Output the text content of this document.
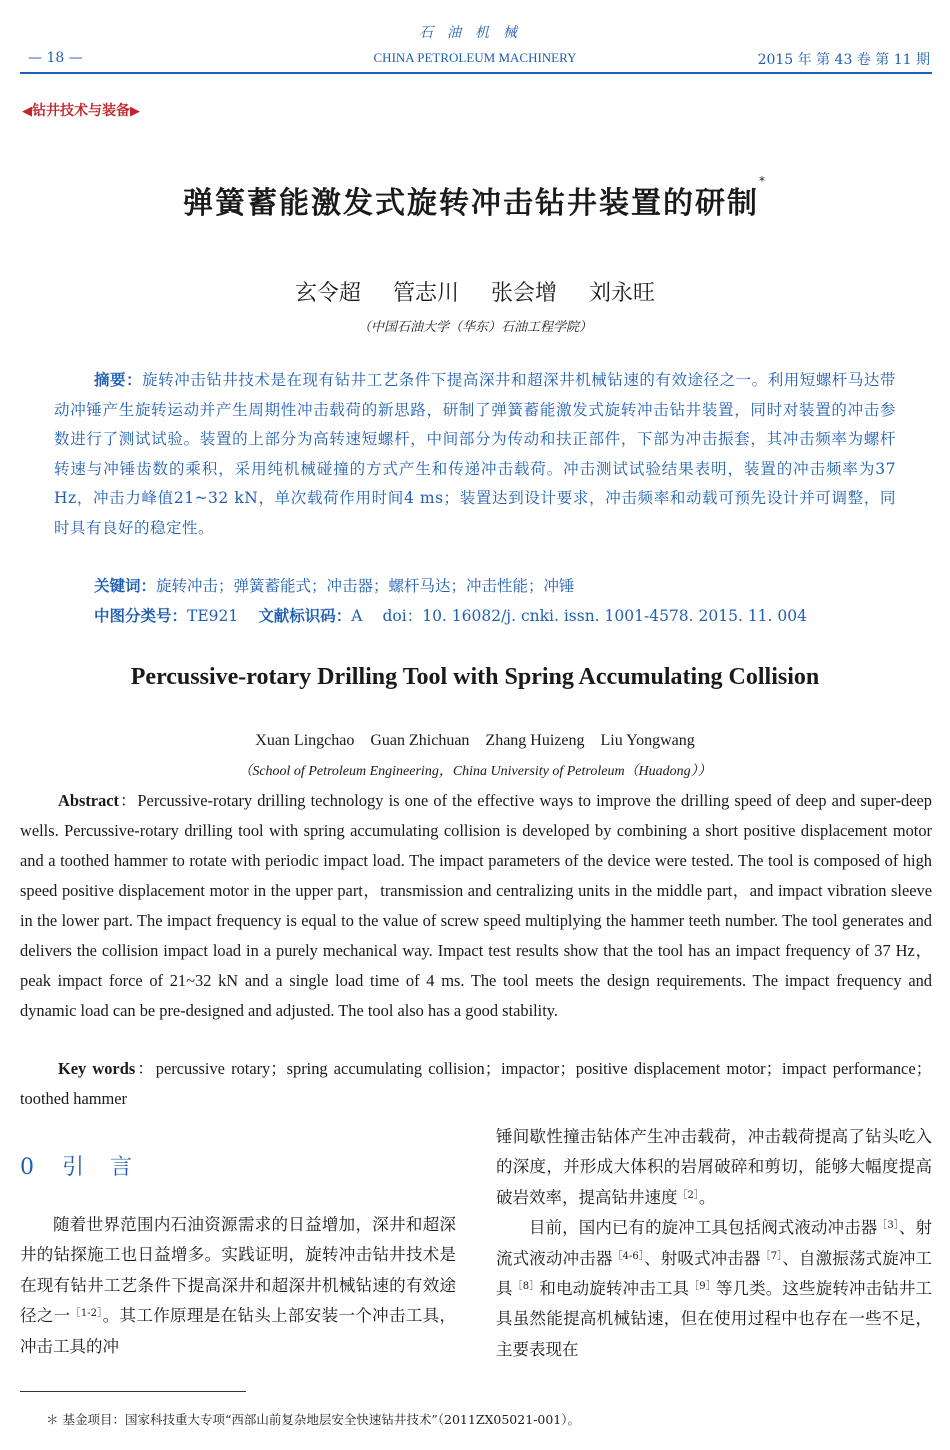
石油机械
— 18 —	CHINA PETROLEUM MACHINERY	2015 年 第 43 卷 第 11 期
◀钻井技术与装备▶
弹簧蓄能激发式旋转冲击钻井装置的研制*
玄令超 管志川 张会增 刘永旺
（中国石油大学（华东）石油工程学院）
摘要：旋转冲击钻井技术是在现有钻井工艺条件下提高深井和超深井机械钻速的有效途径之一。利用短螺杆马达带动冲锤产生旋转运动并产生周期性冲击载荷的新思路，研制了弹簧蓄能激发式旋转冲击钻井装置，同时对装置的冲击参数进行了测试试验。装置的上部分为高转速短螺杆，中间部分为传动和扶正部件，下部为冲击振套，其冲击频率为螺杆转速与冲锤齿数的乘积，采用纯机械碰撞的方式产生和传递冲击载荷。冲击测试试验结果表明，装置的冲击频率为37 Hz，冲击力峰值21~32 kN，单次载荷作用时间4 ms；装置达到设计要求，冲击频率和动载可预先设计并可调整，同时具有良好的稳定性。
关键词：旋转冲击；弹簧蓄能式；冲击器；螺杆马达；冲击性能；冲锤
中图分类号：TE921 文献标识码：A doi：10. 16082/j. cnki. issn. 1001-4578. 2015. 11. 004
Percussive-rotary Drilling Tool with Spring Accumulating Collision
Xuan Lingchao Guan Zhichuan Zhang Huizeng Liu Yongwang
（School of Petroleum Engineering，China University of Petroleum（Huadong））
Abstract：Percussive-rotary drilling technology is one of the effective ways to improve the drilling speed of deep and super-deep wells. Percussive-rotary drilling tool with spring accumulating collision is developed by combining a short positive displacement motor and a toothed hammer to rotate with periodic impact load. The impact parameters of the device were tested. The tool is composed of high speed positive displacement motor in the upper part，transmission and centralizing units in the middle part，and impact vibration sleeve in the lower part. The impact frequency is equal to the value of screw speed multiplying the hammer teeth number. The tool generates and delivers the collision impact load in a purely mechanical way. Impact test results show that the tool has an impact frequency of 37 Hz，peak impact force of 21~32 kN and a single load time of 4 ms. The tool meets the design requirements. The impact frequency and dynamic load can be pre-designed and adjusted. The tool also has a good stability.
Key words：percussive rotary；spring accumulating collision；impactor；positive displacement motor；impact performance；toothed hammer
0 引言
随着世界范围内石油资源需求的日益增加，深井和超深井的钻探施工也日益增多。实践证明，旋转冲击钻井技术是在现有钻井工艺条件下提高深井和超深井机械钻速的有效途径之一$^{[1-2]}$。其工作原理是在钻头上部安装一个冲击工具，冲击工具的冲

锤间歇性撞击钻体产生冲击载荷，冲击载荷提高了钻头吃入的深度，并形成大体积的岩屑破碎和剪切，能够大幅度提高破岩效率，提高钻井速度$^{[2]}$。

目前，国内已有的旋冲工具包括阀式液动冲击器$^{[3]}$、射流式液动冲击器$^{[4-6]}$、射吸式冲击器$^{[7]}$、自激振荡式旋冲工具$^{[8]}$和电动旋转冲击工具$^{[9]}$等几类。这些旋转冲击钻井工具虽然能提高机械钻速，但在使用过程中也存在一些不足，主要表现在

＊ 基金项目：国家科技重大专项“西部山前复杂地层安全快速钻井技术”（2011ZX05021-001）。
